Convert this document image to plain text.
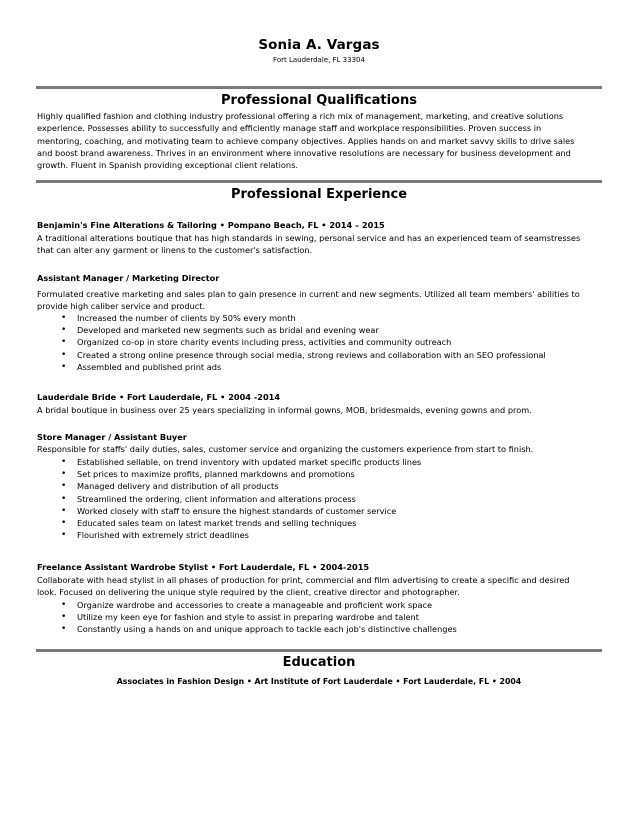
Sonia A. Vargas
Fort Lauderdale, FL 33304
Professional Qualifications

Highly qualified fashion and clothing industry professional offering a rich mix of management, marketing, and creative solutions

experience. Possesses ability to successfully and efficiently manage staff and workplace responsibilities. Proven success in

mentoring, coaching, and motivating team to achieve company objectives. Applies hands on and market savvy skills to drive sales

and boost brand awareness. Thrives in an environment where innovative resolutions are necessary for business development and

growth. Fluent in Spanish providing exceptional client relations.

Professional Experience
Benjamin's Fine Alterations & Tailoring • Pompano Beach, FL • 2014 – 2015

A traditional alterations boutique that has high standards in sewing, personal service and has an experienced team of seamstresses

that can alter any garment or linens to the customer's satisfaction.

Assistant Manager / Marketing Director

Formulated creative marketing and sales plan to gain presence in current and new segments. Utilized all team members' abilities to

provide high caliber service and product.

• Increased the number of clients by 50% every month
• Developed and marketed new segments such as bridal and evening wear
• Organized co-op in store charity events including press, activities and community outreach
• Created a strong online presence through social media, strong reviews and collaboration with an SEO professional
• Assembled and published print ads
Lauderdale Bride • Fort Lauderdale, FL • 2004 -2014
A bridal boutique in business over 25 years specializing in informal gowns, MOB, bridesmaids, evening gowns and prom.
Store Manager / Assistant Buyer
Responsible for staffs' daily duties, sales, customer service and organizing the customers experience from start to finish.
• Established sellable, on trend inventory with updated market specific products lines
• Set prices to maximize profits, planned markdowns and promotions
• Managed delivery and distribution of all products
• Streamlined the ordering, client information and alterations process
• Worked closely with staff to ensure the highest standards of customer service
• Educated sales team on latest market trends and selling techniques
• Flourished with extremely strict deadlines
Freelance Assistant Wardrobe Stylist • Fort Lauderdale, FL • 2004-2015

Collaborate with head stylist in all phases of production for print, commercial and film advertising to create a specific and desired

look. Focused on delivering the unique style required by the client, creative director and photographer.

• Organize wardrobe and accessories to create a manageable and proficient work space
• Utilize my keen eye for fashion and style to assist in preparing wardrobe and talent
• Constantly using a hands on and unique approach to tackle each job's distinctive challenges
Education
Associates in Fashion Design • Art Institute of Fort Lauderdale • Fort Lauderdale, FL • 2004
